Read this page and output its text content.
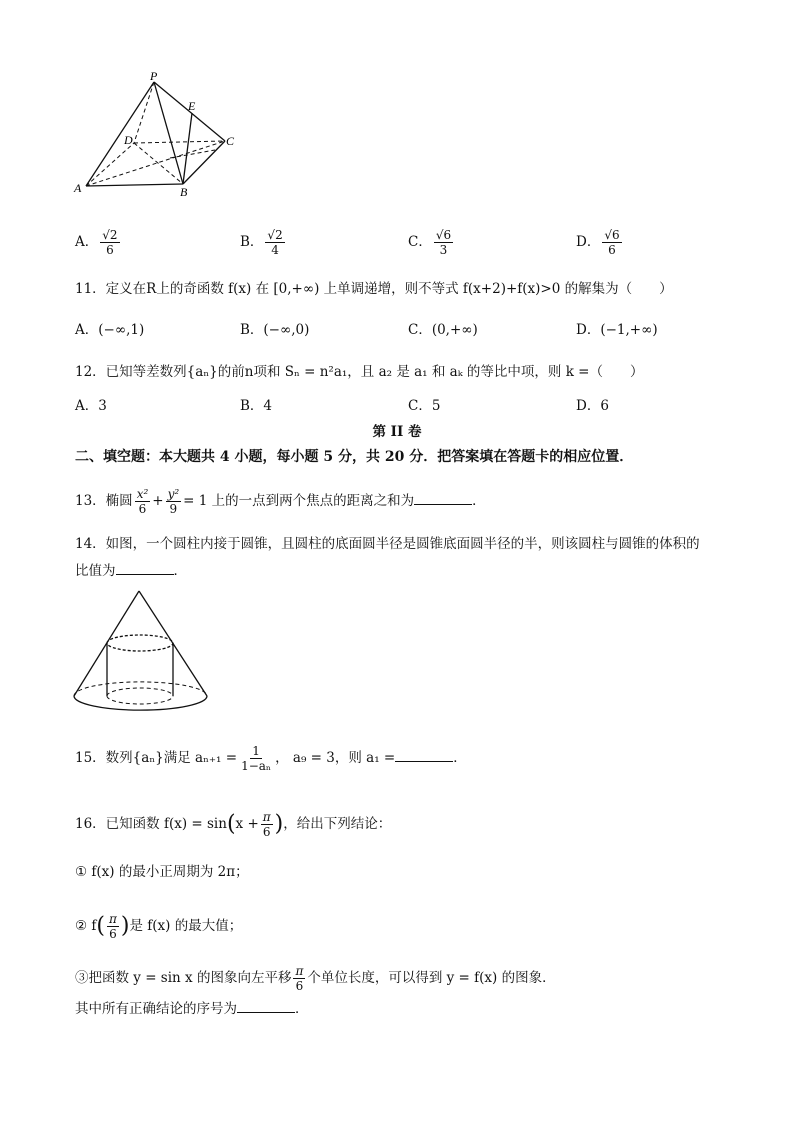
P
E
D	C
A	B
A． $\frac{√2}{6}$	B． $\frac{√2}{4}$	C． $\frac{√6}{3}$	D． $\frac{√6}{6}$
11．定义在R上的奇函数 f(x) 在 [0,+∞) 上单调递增，则不等式 f(x+2)+f(x)>0 的解集为（　　）
A．(−∞,1)	B．(−∞,0)	C．(0,+∞)	D．(−1,+∞)
12．已知等差数列{aₙ}的前n项和 Sₙ = n²a₁，且 a₂ 是 a₁ 和 aₖ 的等比中项，则 k =（　　）
A．3	B．4	C．5	D．6
第 II 卷
二、填空题：本大题共 4 小题，每小题 5 分，共 20 分．把答案填在答题卡的相应位置．
13．椭圆 $\frac{\text{x²}}{6} + \frac{\text{y²}}{9} = 1$ 上的一点到两个焦点的距离之和为	．
14．如图，一个圆柱内接于圆锥，且圆柱的底面圆半径是圆锥底面圆半径的半，则该圆柱与圆锥的体积的
比值为	．
15．数列{aₙ}满足 $a_{n+1} = \frac{1}{\text{1−aₙ}}$ ， a₉ = 3，则 a₁ =	．
16．已知函数 $f(x) = \sin(x + \frac{\pi}{6}$ )，给出下列结论：
① f(x) 的最小正周期为 2π；
② $f( \frac{\pi}{6}$ )是 f(x) 的最大值；
③把函数 y = sin x 的图象向左平移 $\frac{\pi}{6}$ 个单位长度，可以得到 y = f(x) 的图象．
其中所有正确结论的序号为	．
